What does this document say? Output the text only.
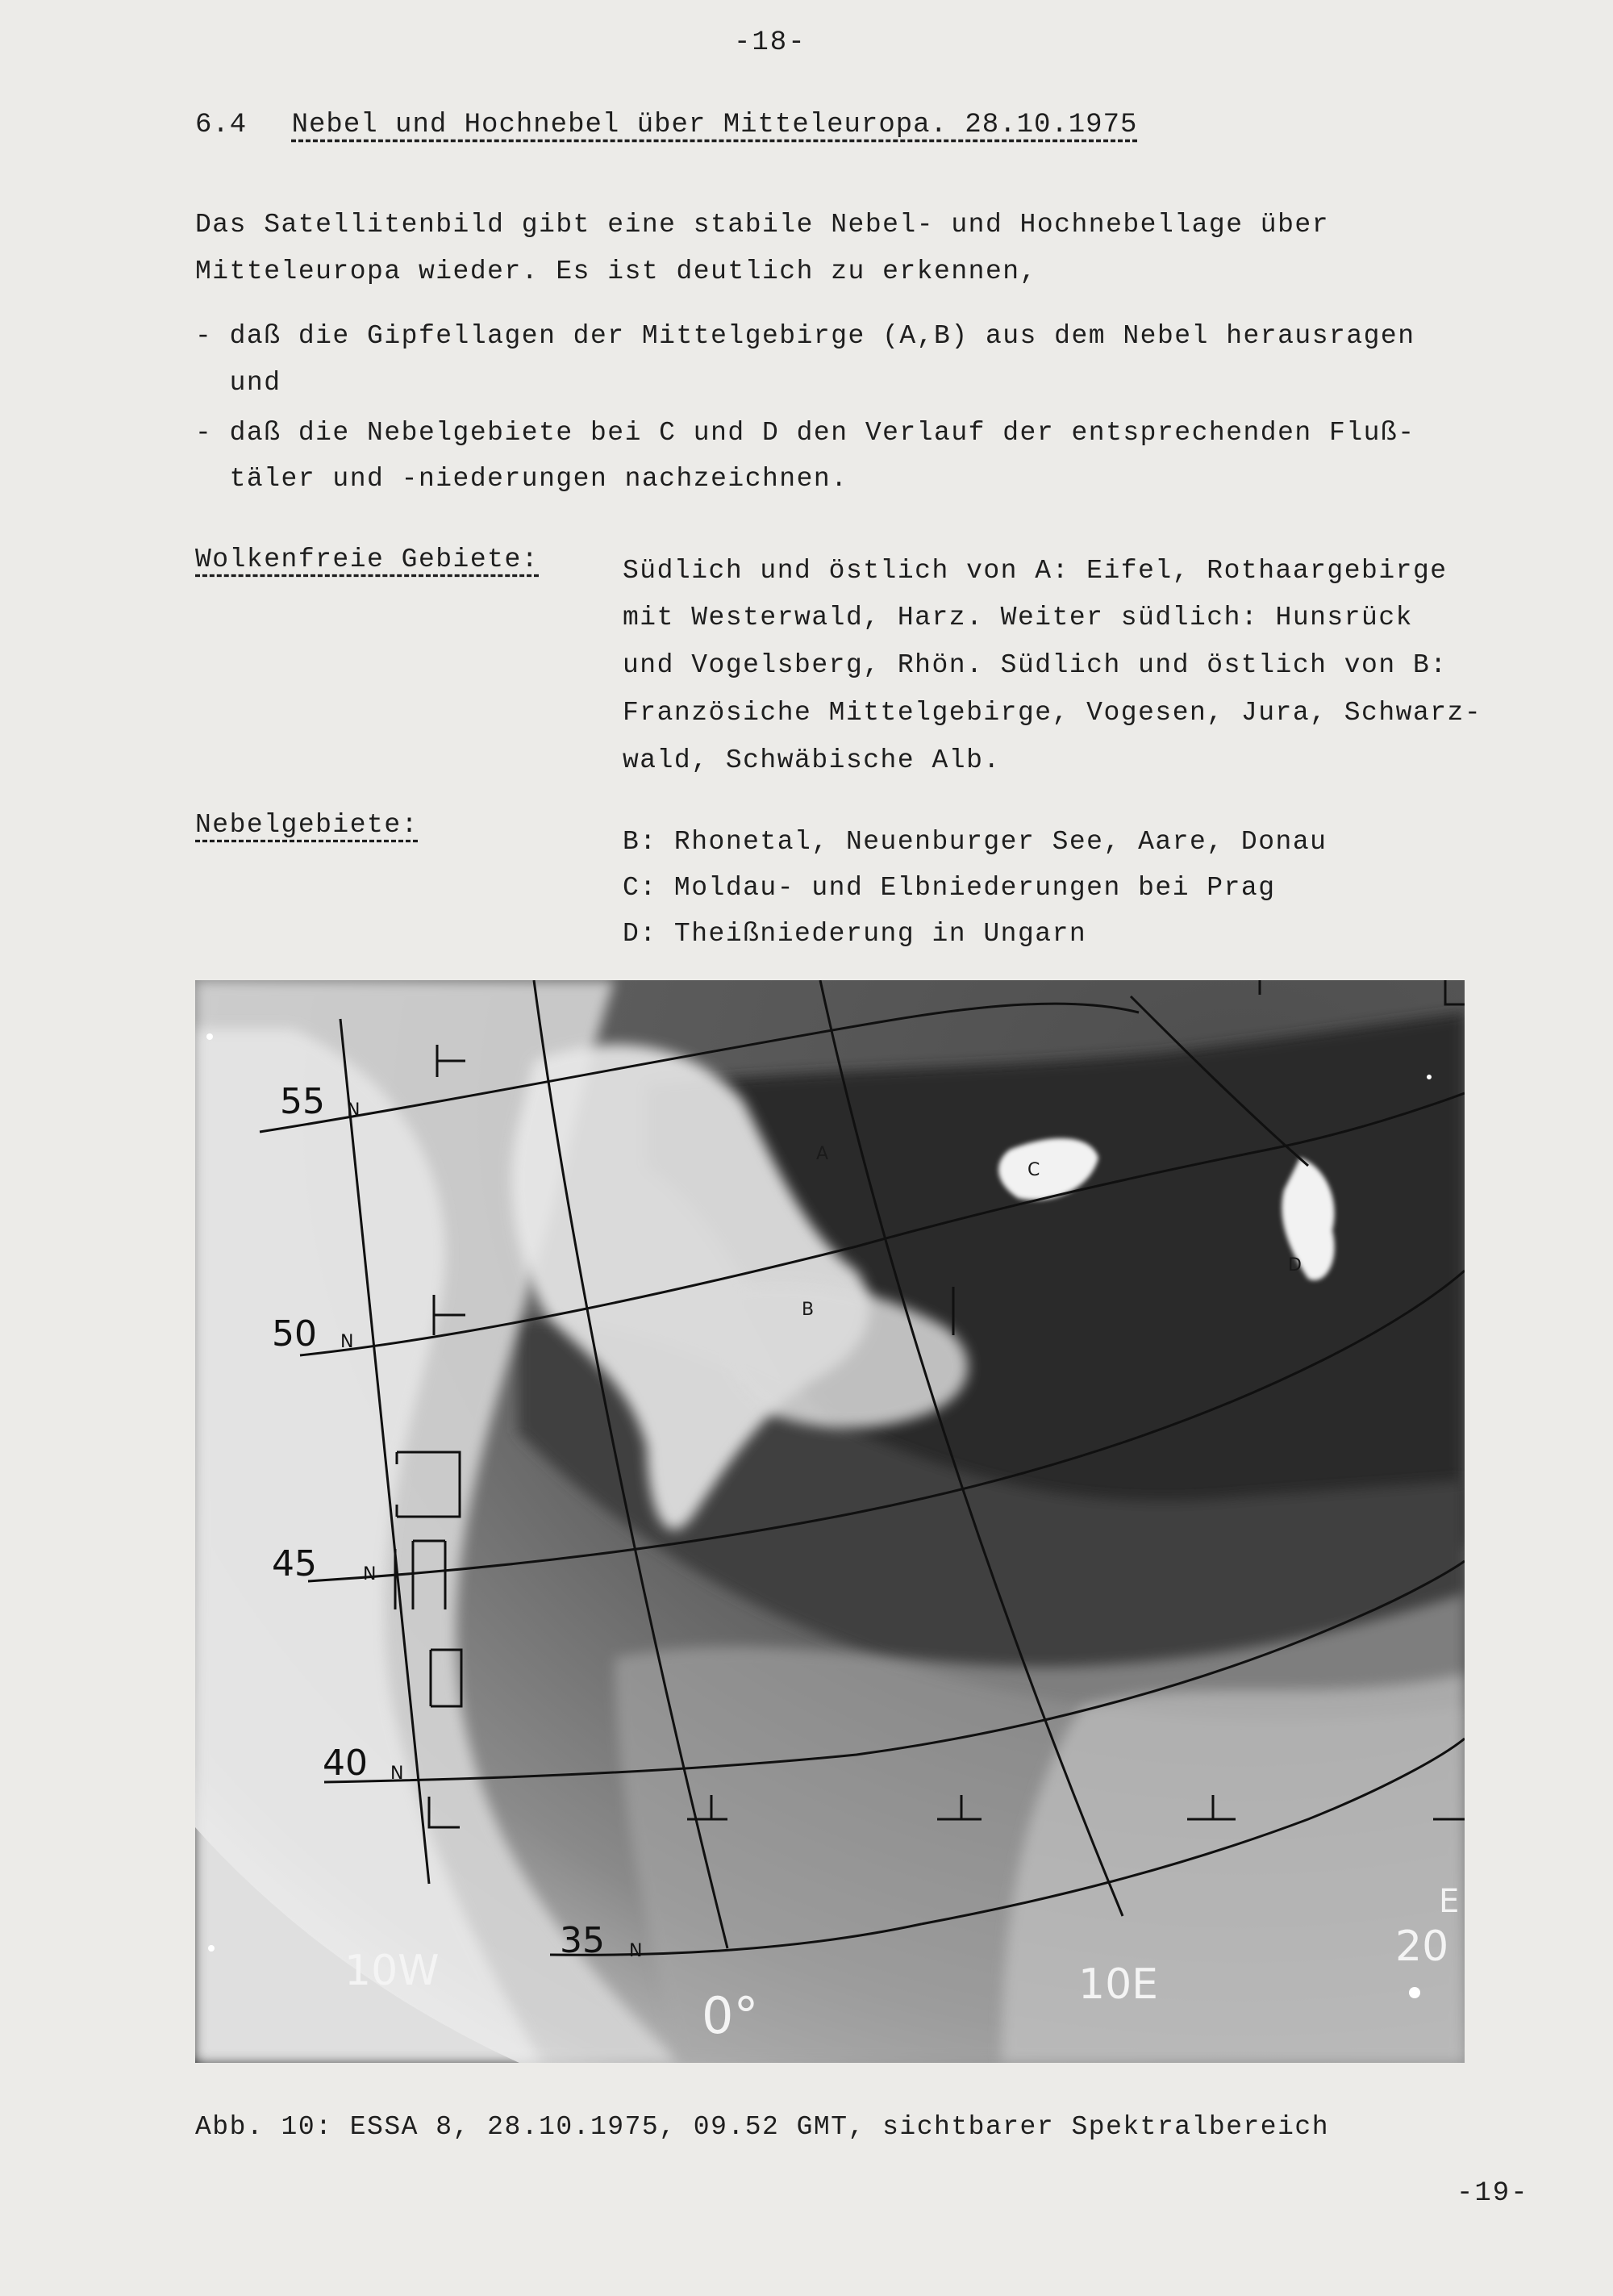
-18-
6.4 Nebel und Hochnebel über Mitteleuropa. 28.10.1975
Das Satellitenbild gibt eine stabile Nebel- und Hochnebellage über
Mitteleuropa wieder. Es ist deutlich zu erkennen,
- daß die Gipfellagen der Mittelgebirge (A,B) aus dem Nebel herausragen
und
- daß die Nebelgebiete bei C und D den Verlauf der entsprechenden Fluß-
täler und -niederungen nachzeichnen.
Wolkenfreie Gebiete:	Südlich und östlich von A: Eifel, Rothaargebirge
mit Westerwald, Harz. Weiter südlich: Hunsrück
und Vogelsberg, Rhön. Südlich und östlich von B:
Französiche Mittelgebirge, Vogesen, Jura, Schwarz-
wald, Schwäbische Alb.
Nebelgebiete:
B: Rhonetal, Neuenburger See, Aare, Donau
C: Moldau- und Elbniederungen bei Prag
D: Theißniederung in Ungarn
55 N
50 N
45	N
40 N
35 N
10W
0°
10E
20
E
A
B
C
D
Abb. 10: ESSA 8, 28.10.1975, 09.52 GMT, sichtbarer Spektralbereich
-19-
